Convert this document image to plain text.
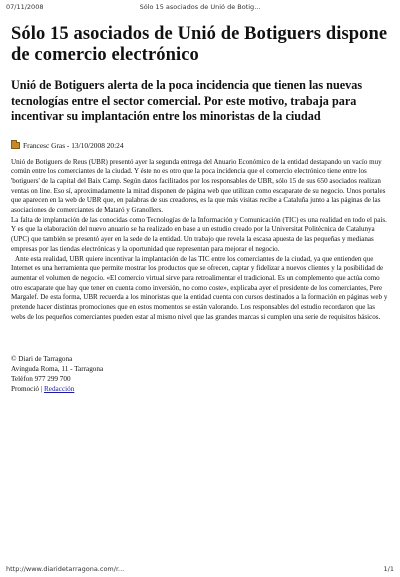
07/11/2008	Sólo 15 asociados de Unió de Botig...
Sólo 15 asociados de Unió de Botiguers dispone de comercio electrónico

Unió de Botiguers alerta de la poca incidencia que tienen las nuevas tecnologías entre el sector comercial. Por este motivo, trabaja para incentivar su implantación entre los minoristas de la ciudad

Francesc Gras - 13/10/2008 20:24

Unió de Botiguers de Reus (UBR) presentó ayer la segunda entrega del Anuario Económico de la entidad destapando un vacío muy común entre los comerciantes de la ciudad. Y éste no es otro que la poca incidencia que el comercio electrónico tiene entre los 'botiguers' de la capital del Baix Camp. Según datos facilitados por los responsables de UBR, sólo 15 de sus 650 asociados realizan ventas on line. Eso sí, aproximadamente la mitad disponen de página web que utilizan como escaparate de su negocio. Unos portales que aparecen en la web de UBR que, en palabras de sus creadores, es la que más visitas recibe a Cataluña junto a las páginas de las asociaciones de comerciantes de Mataró y Granollers.

La falta de implantación de las conocidas como Tecnologías de la Información y Comunicación (TIC) es una realidad en todo el país. Y es que la elaboración del nuevo anuario se ha realizado en base a un estudio creado por la Universitat Politècnica de Catalunya (UPC) que también se presentó ayer en la sede de la entidad. Un trabajo que revela la escasa apuesta de las pequeñas y medianas empresas por las tiendas electrónicas y la oportunidad que representan para mejorar el negocio.

Ante esta realidad, UBR quiere incentivar la implantación de las TIC entre los comerciantes de la ciudad, ya que entienden que Internet es una herramienta que permite mostrar los productos que se ofrecen, captar y fidelizar a nuevos clientes y la posibilidad de aumentar el volumen de negocio. «El comercio virtual sirve para retroalimentar el tradicional. Es un complemento que actúa como otro escaparate que hay que tener en cuenta como inversión, no como coste», explicaba ayer el presidente de los comerciantes, Pere Margalef. De esta forma, UBR recuerda a los minoristas que la entidad cuenta con cursos destinados a la formación en páginas web y pretende hacer distintas promociones que en estos momentos se están valorando. Los responsables del estudio recordaron que las webs de los pequeños comerciantes pueden estar al mismo nivel que las grandes marcas si cumplen una serie de requisitos básicos.

© Diari de Tarragona
Avinguda Roma, 11 - Tarragona
Telèfon 977 299 700
Promoció | Redacción
http://www.diaridetarragona.com/r...	1/1
